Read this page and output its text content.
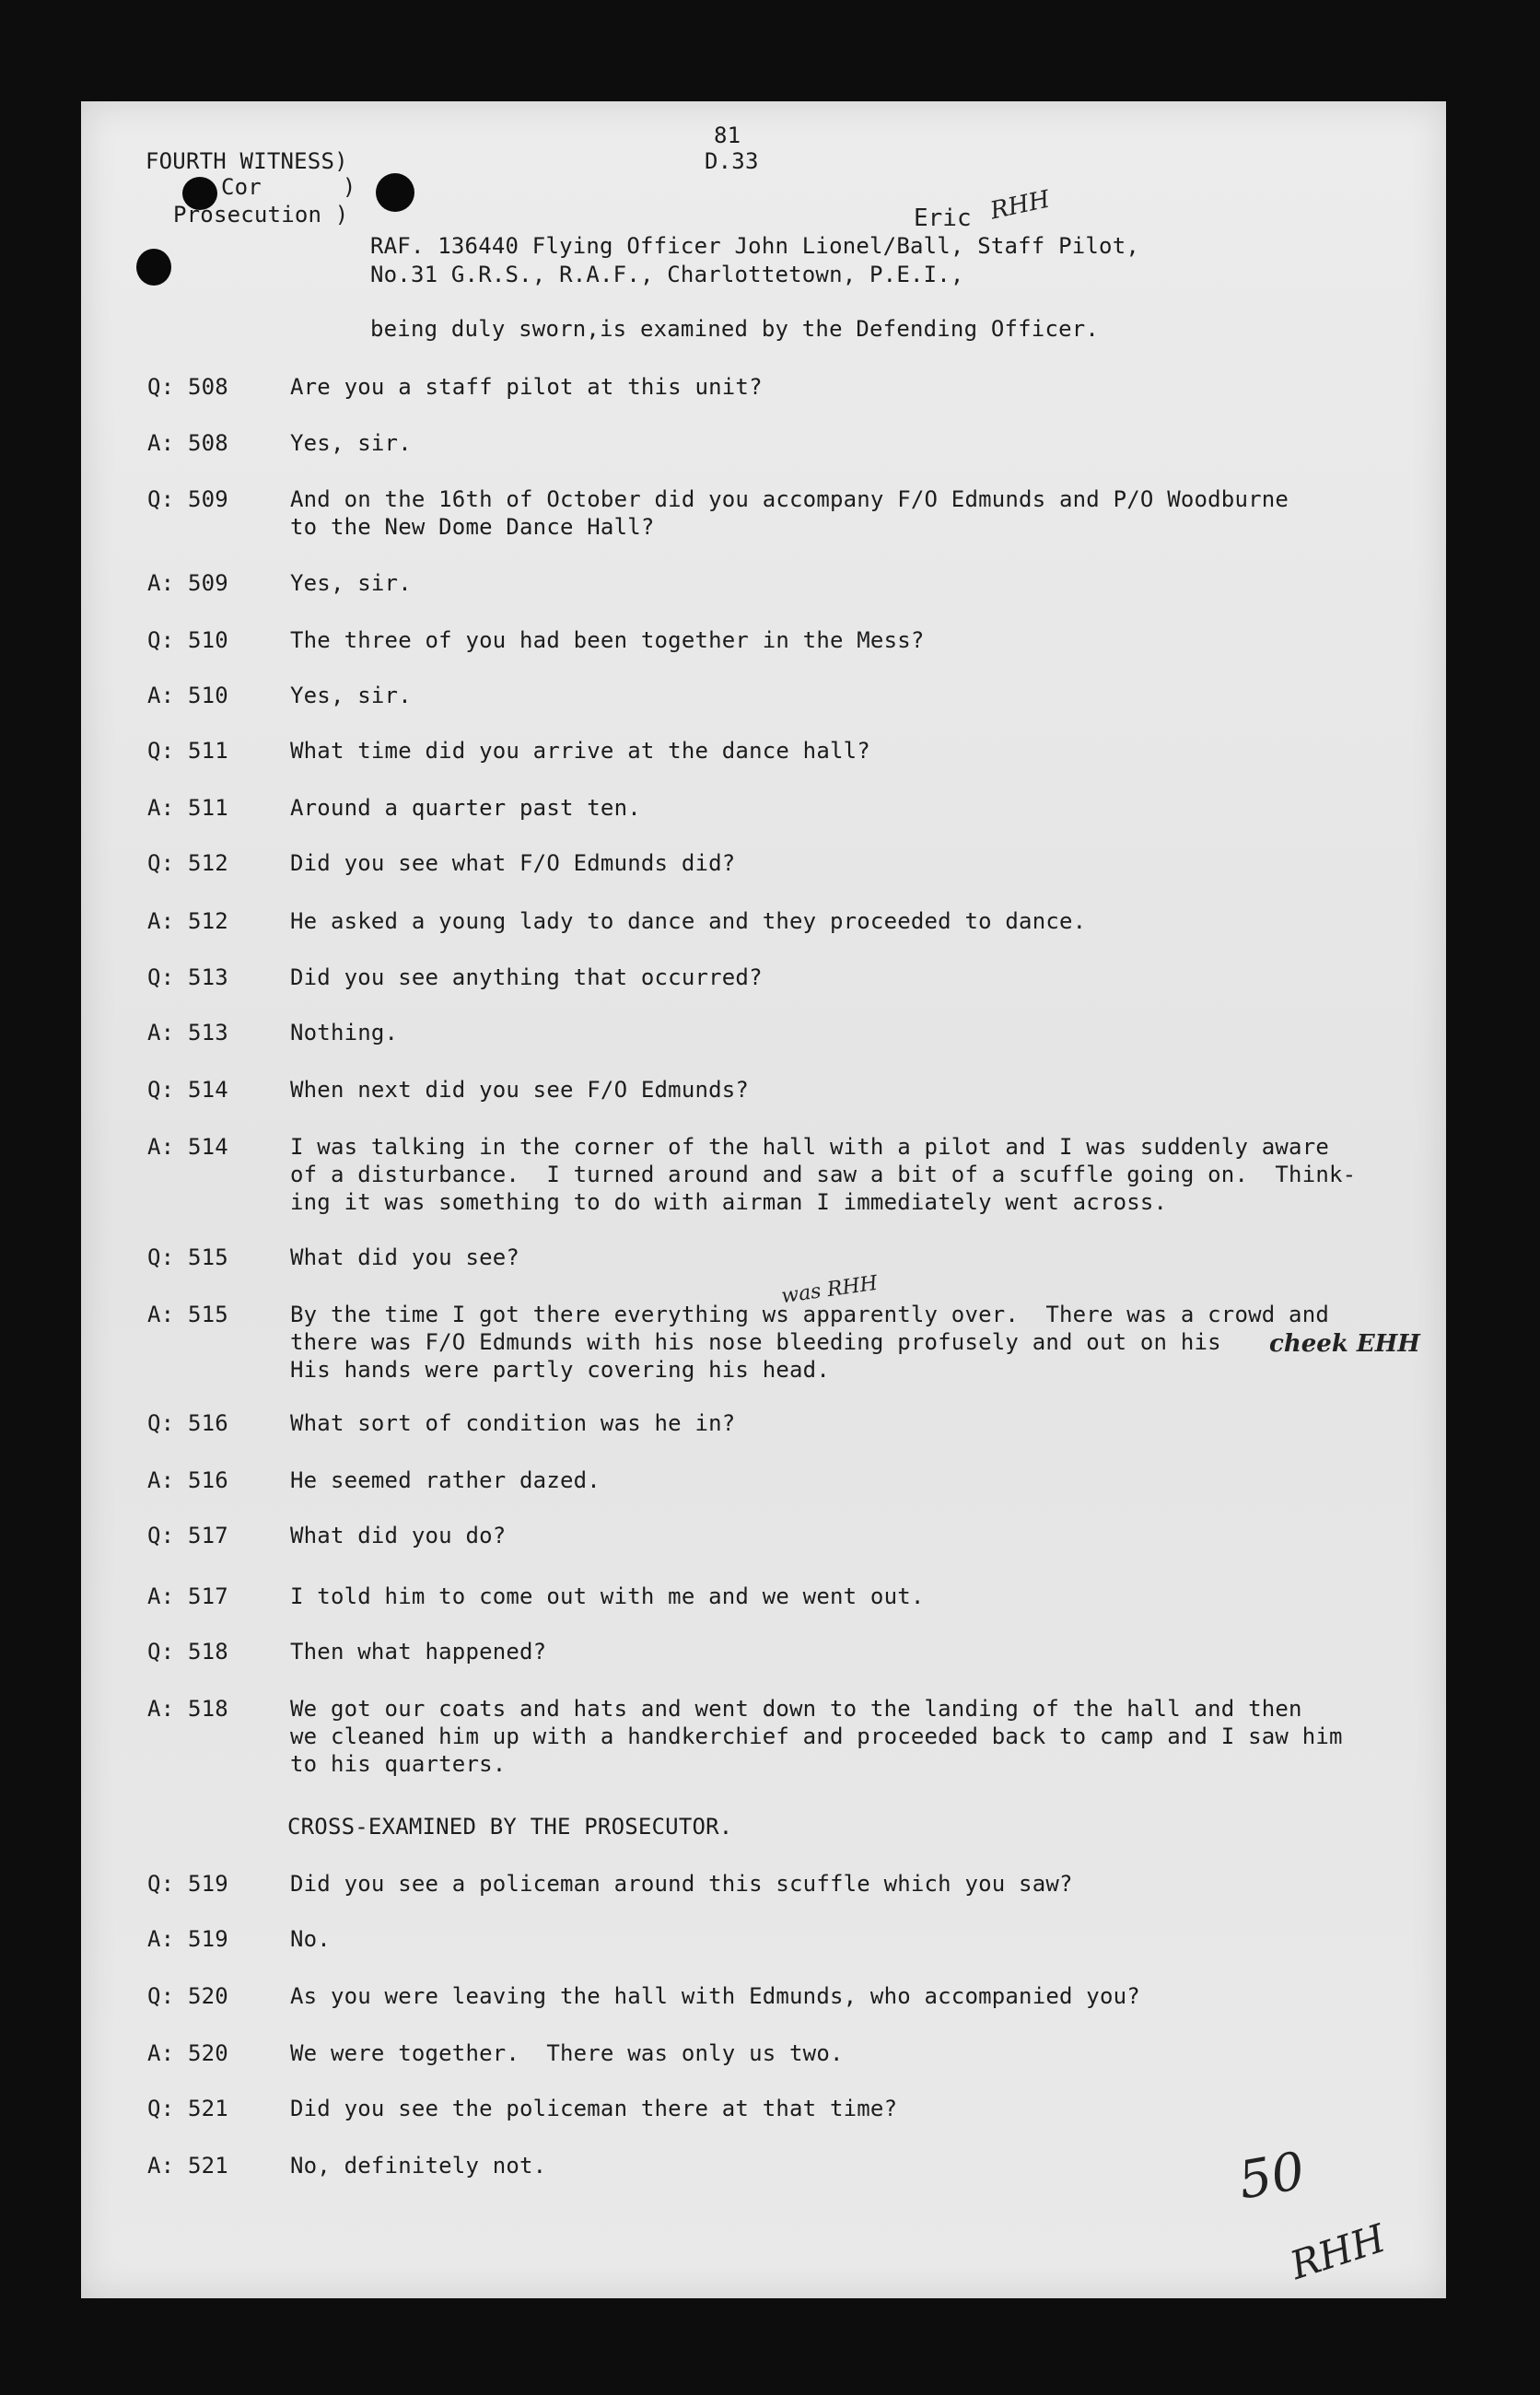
81
D.33
FOURTH WITNESS)
Cor      )
Prosecution )	Eric RHH
was RHH
cheek EHH
50
RHH
RAF. 136440 Flying Officer John Lionel/Ball, Staff Pilot,
No.31 G.R.S., R.A.F., Charlottetown, P.E.I.,
being duly sworn,is examined by the Defending Officer.
Q: 508	Are you a staff pilot at this unit?
A: 508	Yes, sir.
Q: 509	And on the 16th of October did you accompany F/O Edmunds and P/O Woodburne
to the New Dome Dance Hall?
A: 509	Yes, sir.
Q: 510	The three of you had been together in the Mess?
A: 510	Yes, sir.
Q: 511	What time did you arrive at the dance hall?
A: 511	Around a quarter past ten.
Q: 512	Did you see what F/O Edmunds did?
A: 512	He asked a young lady to dance and they proceeded to dance.
Q: 513	Did you see anything that occurred?
A: 513	Nothing.
Q: 514	When next did you see F/O Edmunds?
A: 514	I was talking in the corner of the hall with a pilot and I was suddenly aware
of a disturbance.  I turned around and saw a bit of a scuffle going on.  Think-
ing it was something to do with airman I immediately went across.
Q: 515	What did you see?
A: 515	By the time I got there everything ws apparently over.  There was a crowd and
there was F/O Edmunds with his nose bleeding profusely and out on his
His hands were partly covering his head.
Q: 516	What sort of condition was he in?
A: 516	He seemed rather dazed.
Q: 517	What did you do?
A: 517	I told him to come out with me and we went out.
Q: 518	Then what happened?
A: 518	We got our coats and hats and went down to the landing of the hall and then
we cleaned him up with a handkerchief and proceeded back to camp and I saw him
to his quarters.
Q: 519	Did you see a policeman around this scuffle which you saw?
A: 519	No.
Q: 520	As you were leaving the hall with Edmunds, who accompanied you?
A: 520	We were together.  There was only us two.
Q: 521	Did you see the policeman there at that time?
A: 521	No, definitely not.
CROSS-EXAMINED BY THE PROSECUTOR.
